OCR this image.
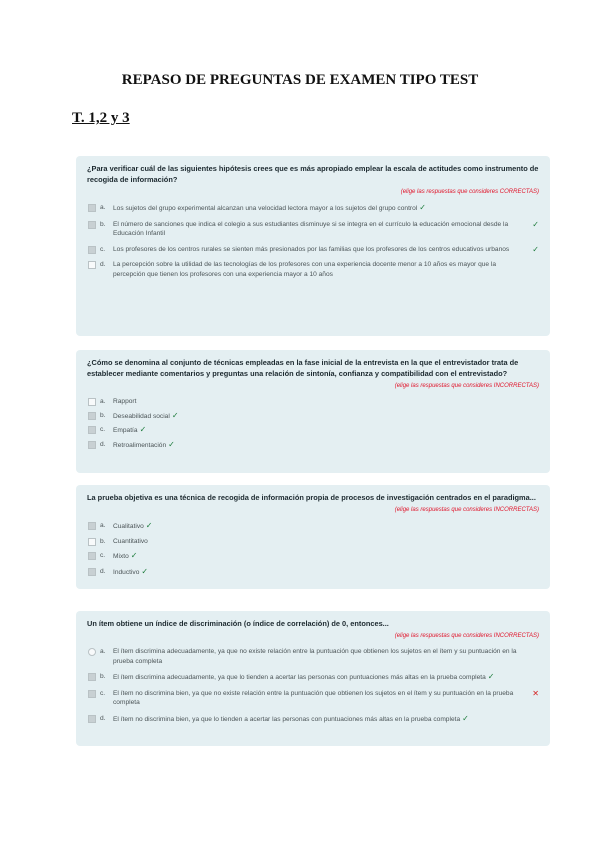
REPASO DE PREGUNTAS DE EXAMEN TIPO TEST
T. 1,2 y 3
¿Para verificar cuál de las siguientes hipótesis crees que es más apropiado emplear la escala de actitudes como instrumento de recogida de información?
(elige las respuestas que consideres CORRECTAS)
a. Los sujetos del grupo experimental alcanzan una velocidad lectora mayor a los sujetos del grupo control ✓
b. El número de sanciones que indica el colegio a sus estudiantes disminuye si se integra en el currículo la educación emocional desde la Educación Infantil
✓
c. Los profesores de los centros rurales se sienten más presionados por las familias que los profesores de los centros educativos urbanos	✓
d. La percepción sobre la utilidad de las tecnologías de los profesores con una experiencia docente menor a 10 años es mayor que la percepción que tienen los profesores con una experiencia mayor a 10 años
¿Cómo se denomina al conjunto de técnicas empleadas en la fase inicial de la entrevista en la que el entrevistador trata de establecer mediante comentarios y preguntas una relación de sintonía, confianza y compatibilidad con el entrevistado?
(elige las respuestas que consideres INCORRECTAS)
a. Rapport
b. Deseabilidad social ✓
c. Empatía ✓
d. Retroalimentación ✓
La prueba objetiva es una técnica de recogida de información propia de procesos de investigación centrados en el paradigma...
(elige las respuestas que consideres INCORRECTAS)
a. Cualitativo ✓
b. Cuantitativo
c. Mixto ✓
d. Inductivo ✓
Un ítem obtiene un índice de discriminación (o índice de correlación) de 0, entonces...
(elige las respuestas que consideres INCORRECTAS)
a. El ítem discrimina adecuadamente, ya que no existe relación entre la puntuación que obtienen los sujetos en el ítem y su puntuación en la prueba completa
b. El ítem discrimina adecuadamente, ya que lo tienden a acertar las personas con puntuaciones más altas en la prueba completa ✓
c. El ítem no discrimina bien, ya que no existe relación entre la puntuación que obtienen los sujetos en el ítem y su puntuación en la prueba completa
✕
d. El ítem no discrimina bien, ya que lo tienden a acertar las personas con puntuaciones más altas en la prueba completa ✓
